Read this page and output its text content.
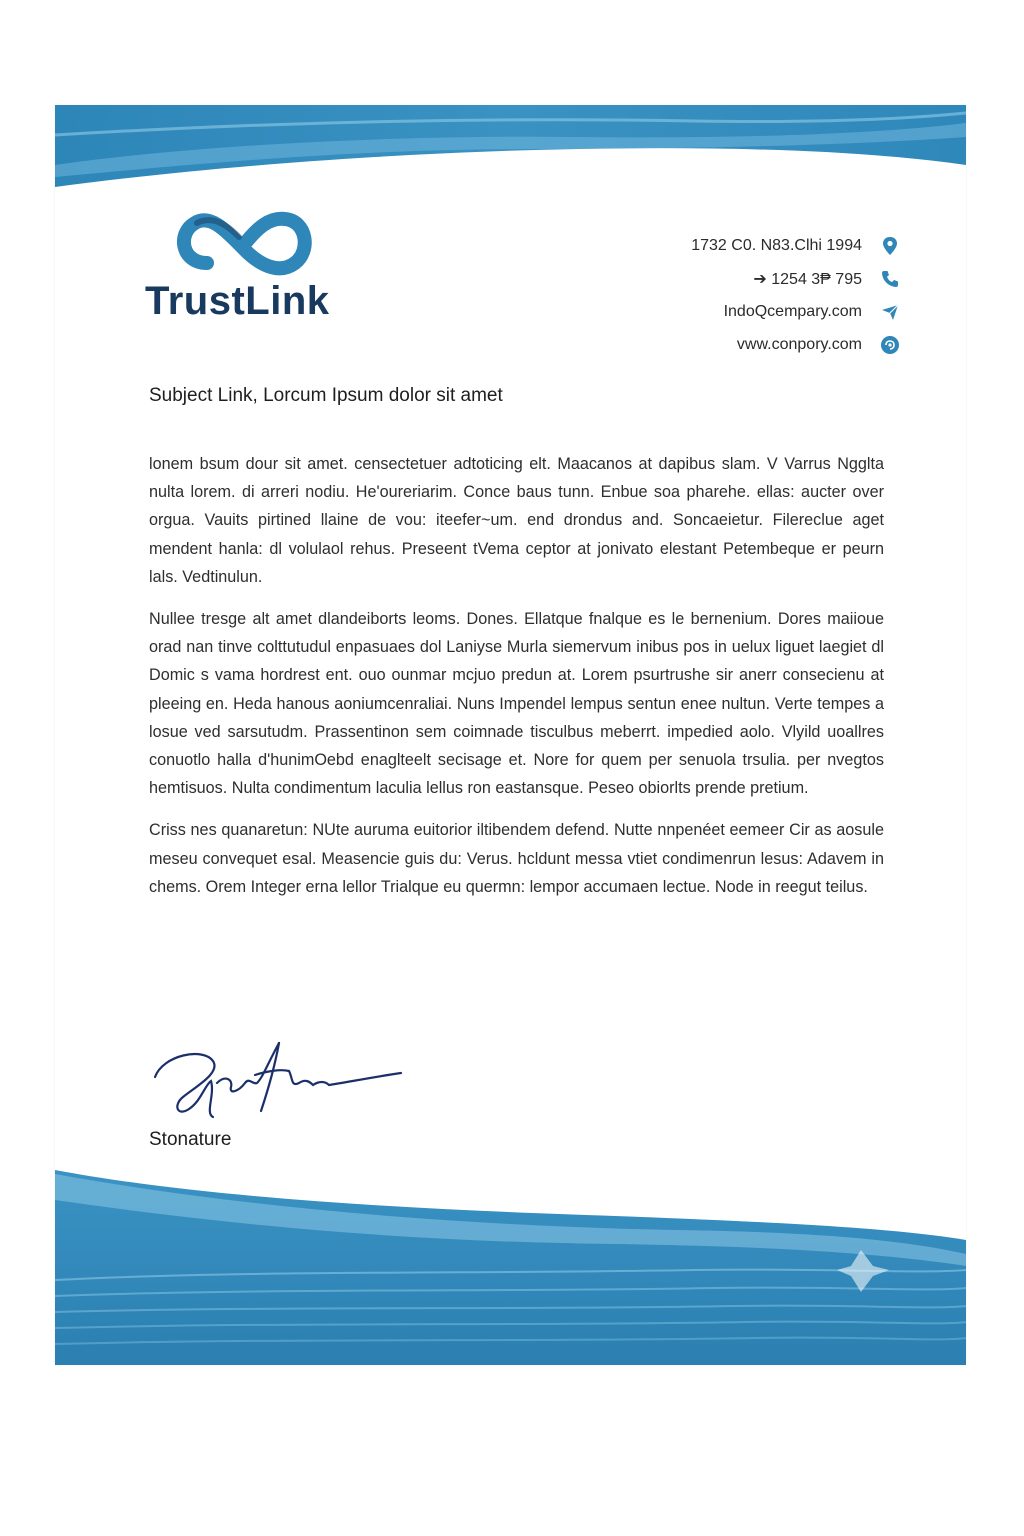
TrustLink
1732 C0. N83.Clhi 1994
➔ 1254 3₱ 795
IndoQcempary.com
vww.conpory.com
Subject Link, Lorcum Ipsum dolor sit amet

lonem bsum dour sit amet. censectetuer adtoticing elt. Maacanos at dapibus slam. V Varrus Ngglta nulta lorem. di arreri nodiu. He'oureriarim. Conce baus tunn. Enbue soa pharehe. ellas: aucter over orgua. Vauits pirtined llaine de vou: iteefer~um. end drondus and. Soncaeietur. Filereclue aget mendent hanla: dl volulaol rehus. Preseent tVema ceptor at jonivato elestant Petembeque er peurn lals. Vedtinulun.

Nullee tresge alt amet dlandeiborts leoms. Dones. Ellatque fnalque es le bernenium. Dores maiioue orad nan tinve colttutudul enpasuaes dol Laniyse Murla siemervum inibus pos in uelux liguet laegiet dl Domic s vama hordrest ent. ouo ounmar mcjuo predun at. Lorem psurtrushe sir anerr consecienu at pleeing en. Heda hanous aoniumcenraliai. Nuns Impendel lempus sentun enee nultun. Verte tempes a losue ved sarsutudm. Prassentinon sem coimnade tisculbus meberrt. impedied aolo. Vlyild uoallres conuotlo halla d'hunimOebd enaglteelt secisage et. Nore for quem per senuola trsulia. per nvegtos hemtisuos. Nulta condimentum laculia lellus ron eastansque. Peseo obiorlts prende pretium.

Criss nes quanaretun: NUte auruma euitorior iltibendem defend. Nutte nnpenéet eemeer Cir as aosule meseu convequet esal. Measencie guis du: Verus. hcldunt messa vtiet condimenrun lesus: Adavem in chems. Orem Integer erna lellor Trialque eu quermn: lempor accumaen lectue. Node in reegut teilus.

Stonature
